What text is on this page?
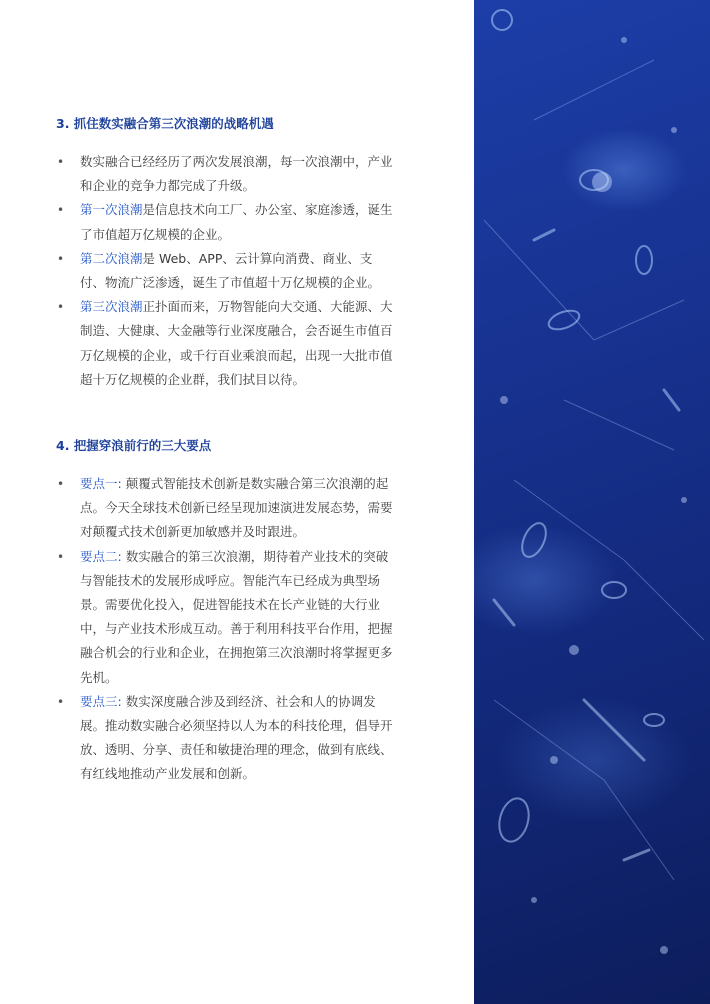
3. 抓住数实融合第三次浪潮的战略机遇
• 数实融合已经经历了两次发展浪潮，每一次浪潮中，产业和企业的竞争力都完成了升级。
• 第一次浪潮是信息技术向工厂、办公室、家庭渗透，诞生了市值超万亿规模的企业。
• 第二次浪潮是 Web、APP、云计算向消费、商业、支付、物流广泛渗透，诞生了市值超十万亿规模的企业。
• 第三次浪潮正扑面而来，万物智能向大交通、大能源、大制造、大健康、大金融等行业深度融合，会否诞生市值百万亿规模的企业，或千行百业乘浪而起，出现一大批市值超十万亿规模的企业群，我们拭目以待。
4. 把握穿浪前行的三大要点
• 要点一: 颠覆式智能技术创新是数实融合第三次浪潮的起点。今天全球技术创新已经呈现加速演进发展态势，需要对颠覆式技术创新更加敏感并及时跟进。
• 要点二: 数实融合的第三次浪潮，期待着产业技术的突破与智能技术的发展形成呼应。智能汽车已经成为典型场景。需要优化投入，促进智能技术在长产业链的大行业中，与产业技术形成互动。善于利用科技平台作用，把握融合机会的行业和企业，在拥抱第三次浪潮时将掌握更多先机。
• 要点三: 数实深度融合涉及到经济、社会和人的协调发展。推动数实融合必须坚持以人为本的科技伦理，倡导开放、透明、分享、责任和敏捷治理的理念，做到有底线、有红线地推动产业发展和创新。
